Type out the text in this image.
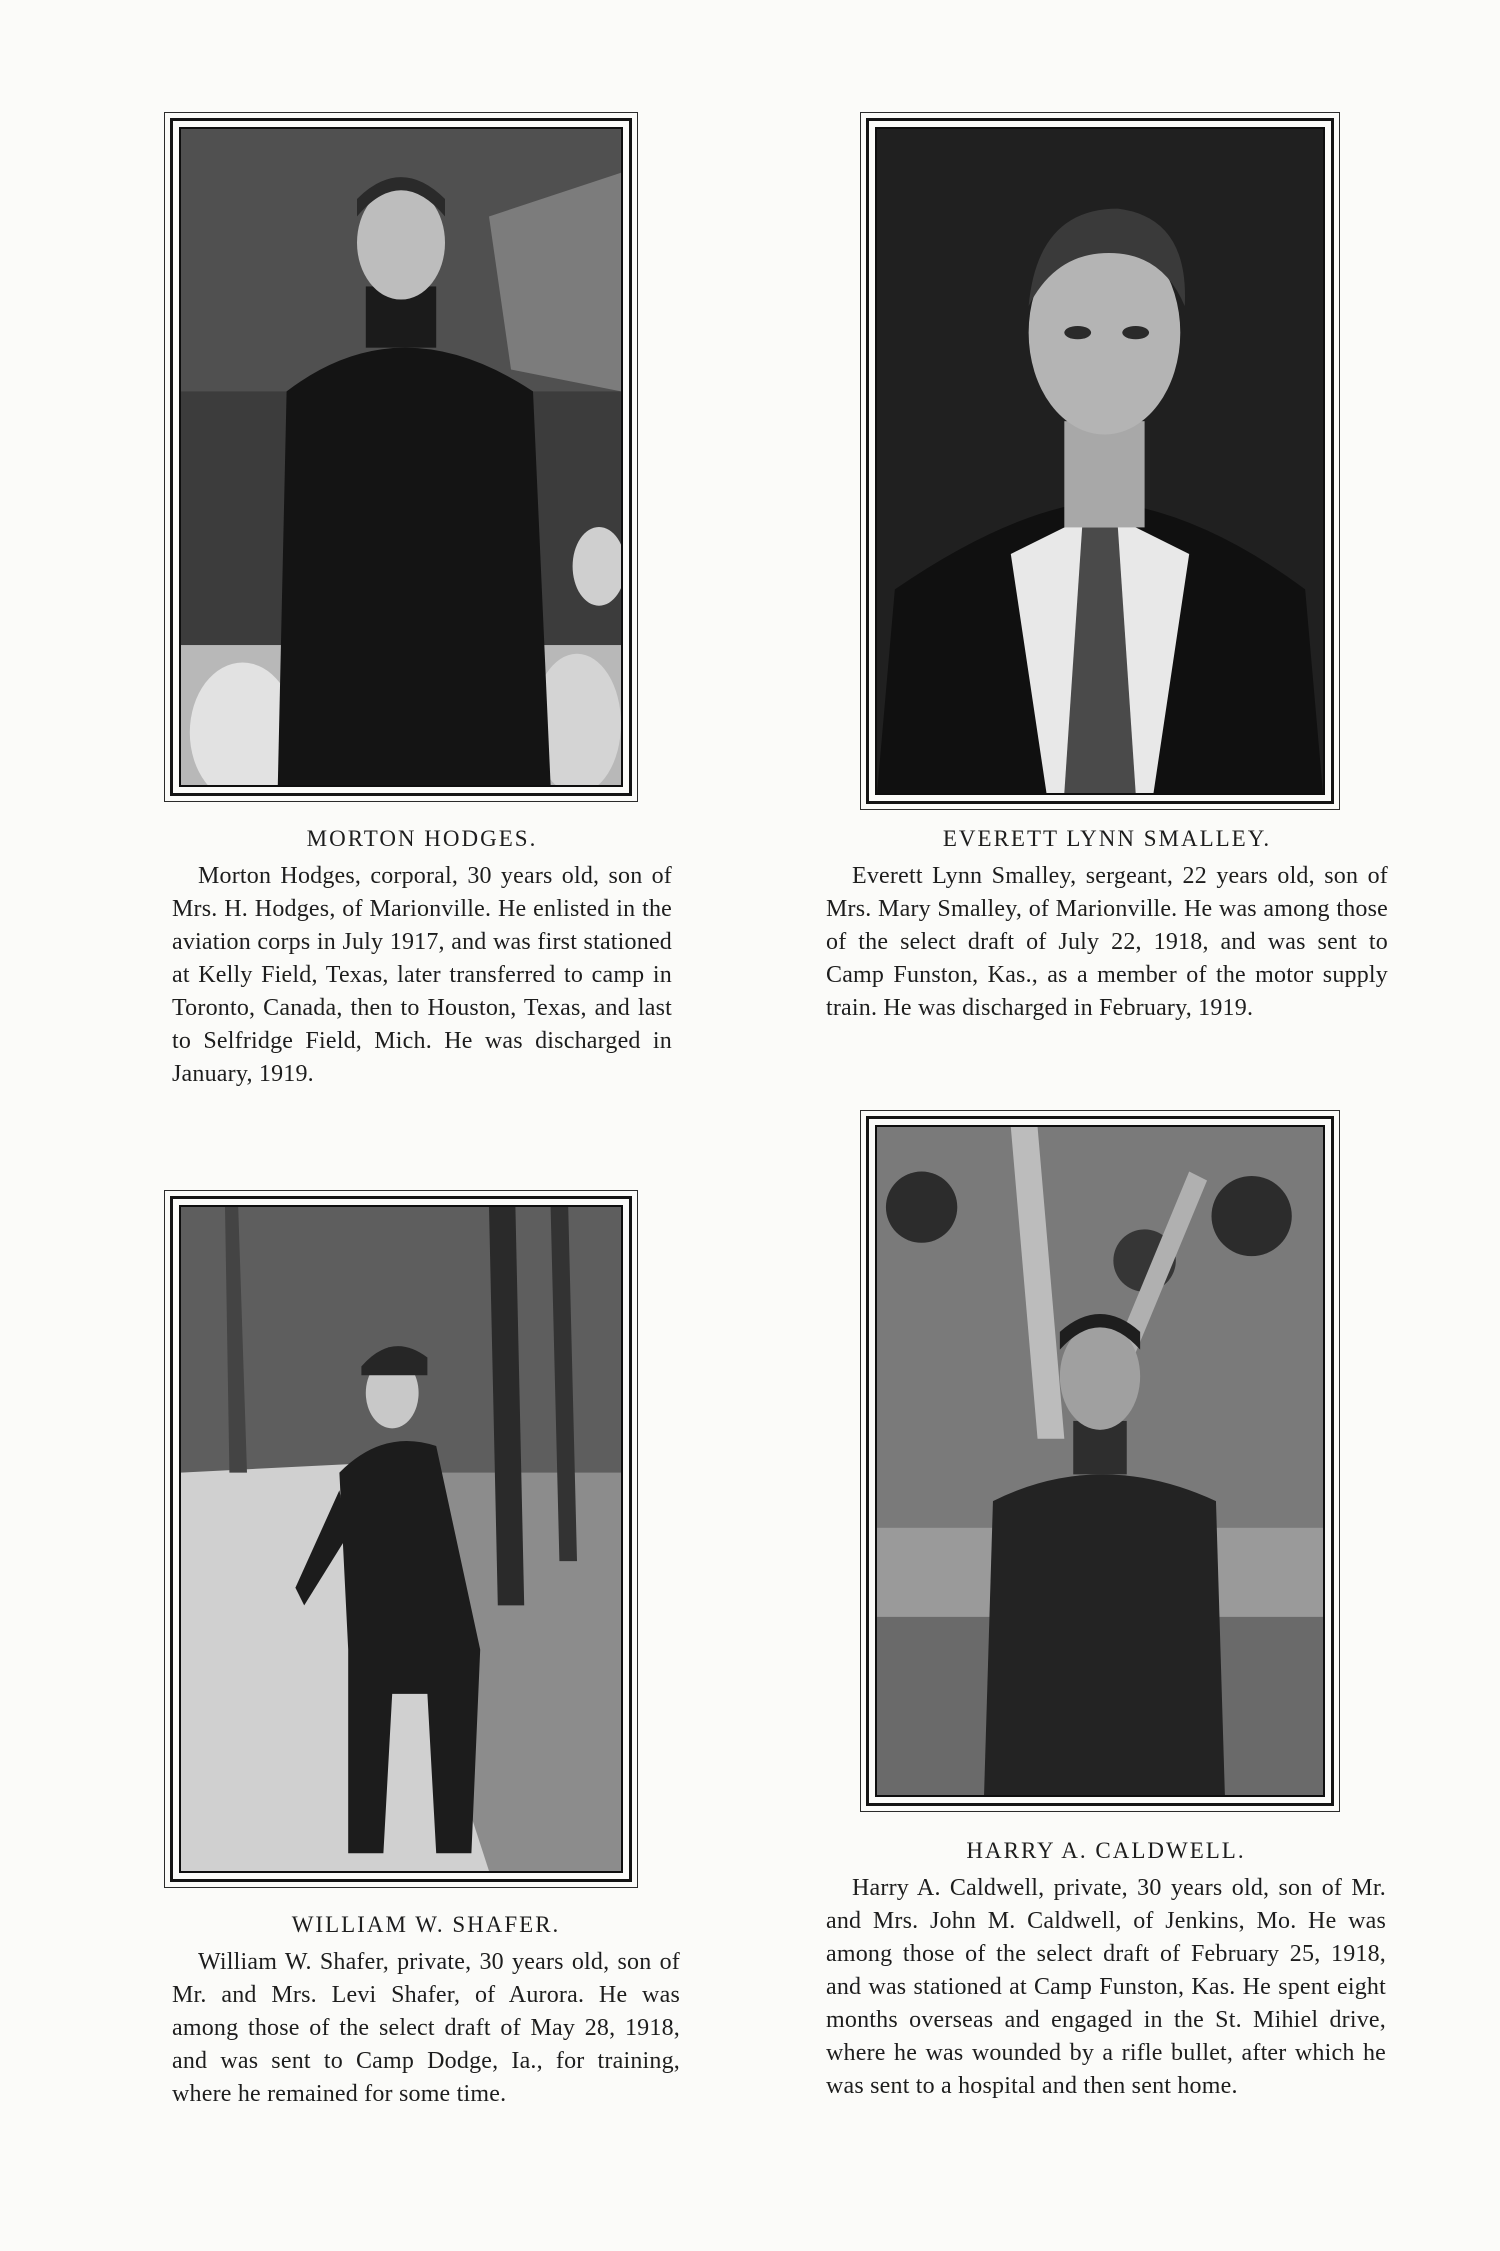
MORTON HODGES.

Morton Hodges, corporal, 30 years old, son of Mrs. H. Hodges, of Marionville. He enlisted in the aviation corps in July 1917, and was first stationed at Kelly Field, Texas, later transferred to camp in Toronto, Canada, then to Houston, Texas, and last to Selfridge Field, Mich. He was discharged in January, 1919.

EVERETT LYNN SMALLEY.

Everett Lynn Smalley, sergeant, 22 years old, son of Mrs. Mary Smalley, of Marionville. He was among those of the select draft of July 22, 1918, and was sent to Camp Funston, Kas., as a member of the motor supply train. He was discharged in February, 1919.

WILLIAM W. SHAFER.

William W. Shafer, private, 30 years old, son of Mr. and Mrs. Levi Shafer, of Aurora. He was among those of the select draft of May 28, 1918, and was sent to Camp Dodge, Ia., for training, where he remained for some time.

HARRY A. CALDWELL.

Harry A. Caldwell, private, 30 years old, son of Mr. and Mrs. John M. Caldwell, of Jenkins, Mo. He was among those of the select draft of February 25, 1918, and was stationed at Camp Funston, Kas. He spent eight months overseas and engaged in the St. Mihiel drive, where he was wounded by a rifle bullet, after which he was sent to a hospital and then sent home.
